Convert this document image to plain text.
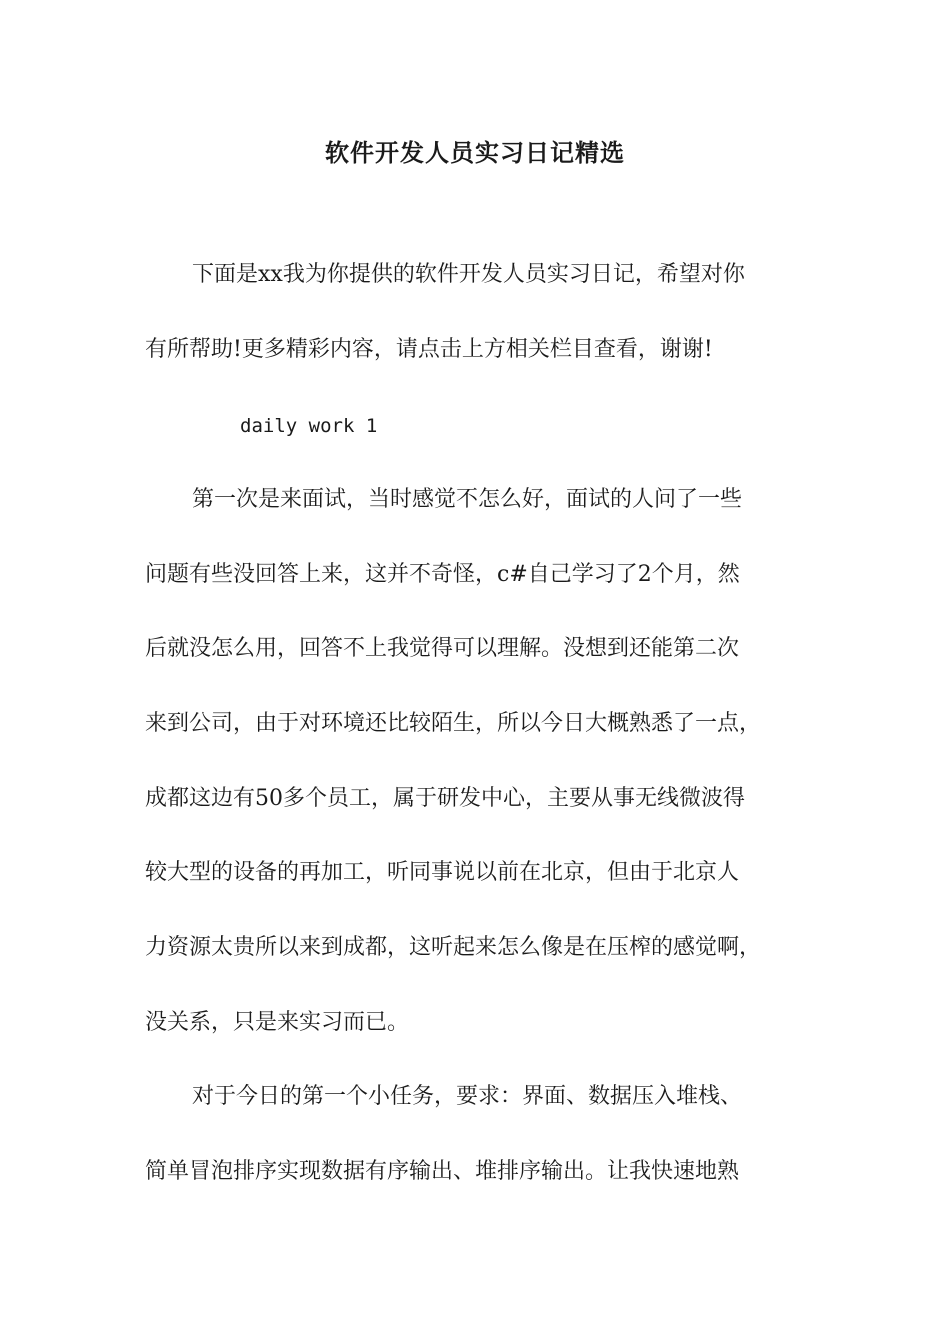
软件开发人员实习日记精选
下面是xx我为你提供的软件开发人员实习日记，希望对你
有所帮助!更多精彩内容，请点击上方相关栏目查看，谢谢!
daily work 1
第一次是来面试，当时感觉不怎么好，面试的人问了一些
问题有些没回答上来，这并不奇怪，c#自己学习了2个月，然
后就没怎么用，回答不上我觉得可以理解。没想到还能第二次
来到公司，由于对环境还比较陌生，所以今日大概熟悉了一点，
成都这边有50多个员工，属于研发中心，主要从事无线微波得
较大型的设备的再加工，听同事说以前在北京，但由于北京人
力资源太贵所以来到成都，这听起来怎么像是在压榨的感觉啊，
没关系，只是来实习而已。
对于今日的第一个小任务，要求：界面、数据压入堆栈、
简单冒泡排序实现数据有序输出、堆排序输出。让我快速地熟
